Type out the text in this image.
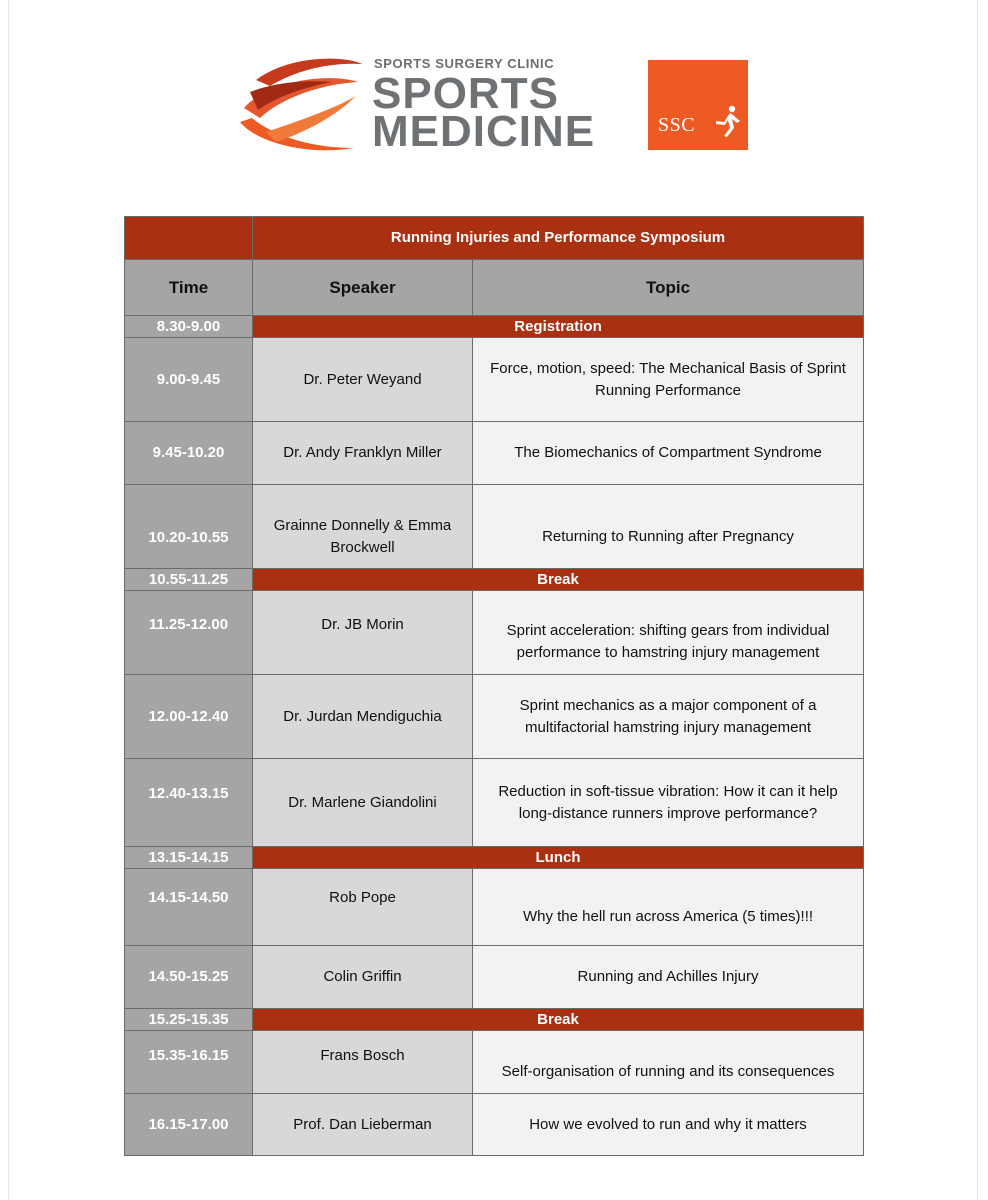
SPORTS SURGERY CLINIC
SPORTS
MEDICINE	SSC
	Running Injuries and Performance Symposium	
Time	Speaker	Topic
8.30-9.00	Registration	
9.00-9.45	Dr. Peter Weyand	Force, motion, speed: The Mechanical Basis of Sprint Running Performance
9.45-10.20	Dr. Andy Franklyn Miller	The Biomechanics of Compartment Syndrome
10.20-10.55	Grainne Donnelly & Emma Brockwell	Returning to Running after Pregnancy
10.55-11.25	Break	
11.25-12.00	Dr. JB Morin	Sprint acceleration: shifting gears from individual performance to hamstring injury management
12.00-12.40	Dr. Jurdan Mendiguchia	Sprint mechanics as a major component of a multifactorial hamstring injury management
12.40-13.15	Dr. Marlene Giandolini	Reduction in soft-tissue vibration: How it can it help long-distance runners improve performance?
13.15-14.15	Lunch	
14.15-14.50	Rob Pope	Why the hell run across America (5 times)!!!
14.50-15.25	Colin Griffin	Running and Achilles Injury
15.25-15.35	Break	
15.35-16.15	Frans Bosch	Self-organisation of running and its consequences
16.15-17.00	Prof. Dan Lieberman	How we evolved to run and why it matters
